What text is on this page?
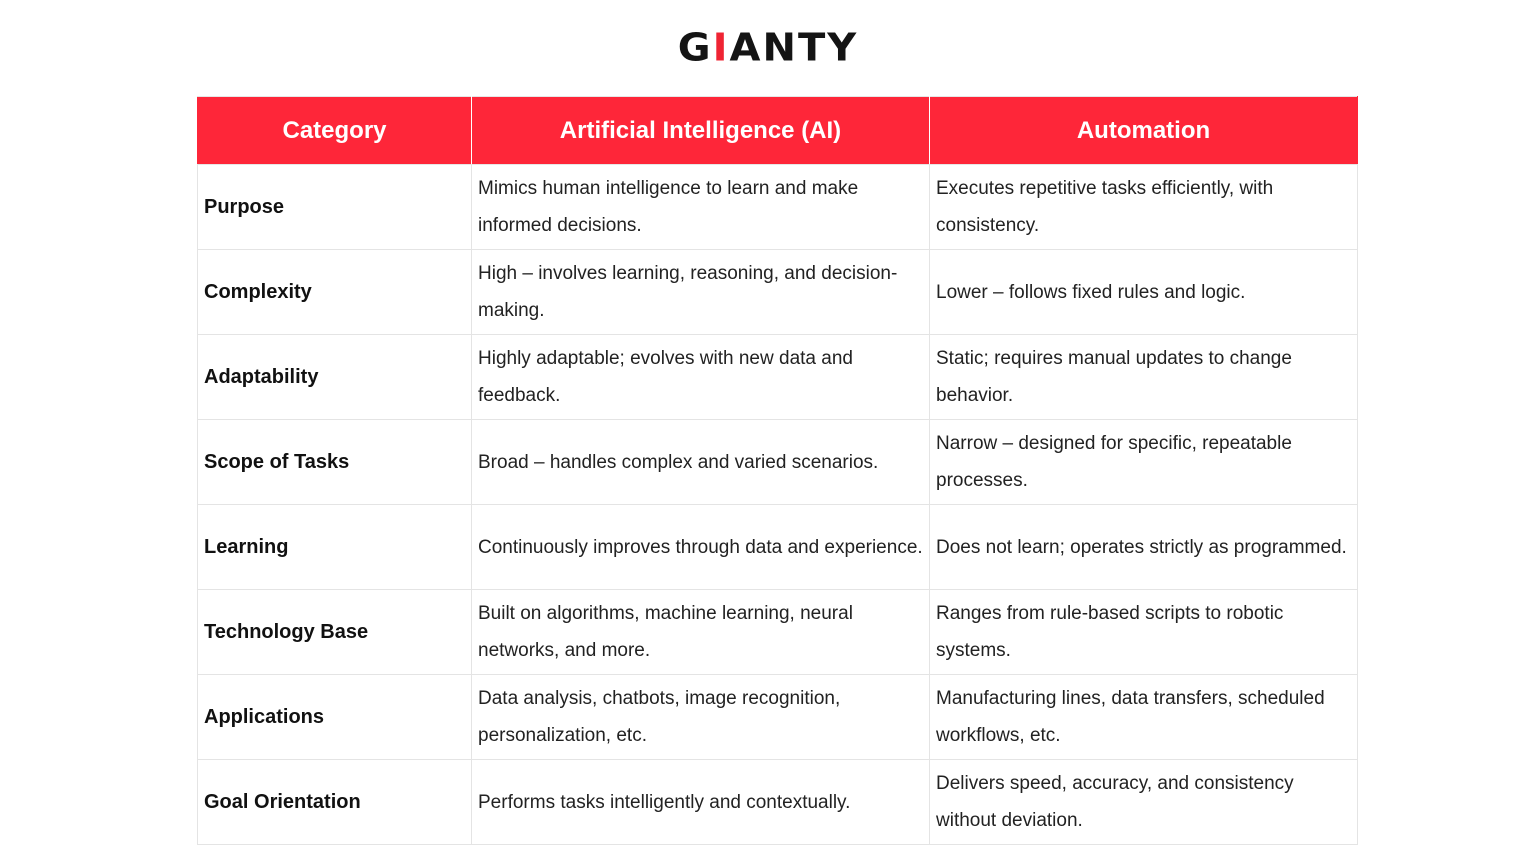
GIANTY
Category	Artificial Intelligence (AI)	Automation
Purpose	Mimics human intelligence to learn and make informed decisions.	Executes repetitive tasks efficiently, with consistency.
Complexity	High – involves learning, reasoning, and decision-making.	Lower – follows fixed rules and logic.
Adaptability	Highly adaptable; evolves with new data and feedback.	Static; requires manual updates to change behavior.
Scope of Tasks	Broad – handles complex and varied scenarios.	Narrow – designed for specific, repeatable processes.
Learning	Continuously improves through data and experience.	Does not learn; operates strictly as programmed.
Technology Base	Built on algorithms, machine learning, neural networks, and more.	Ranges from rule-based scripts to robotic systems.
Applications	Data analysis, chatbots, image recognition, personalization, etc.	Manufacturing lines, data transfers, scheduled workflows, etc.
Goal Orientation	Performs tasks intelligently and contextually.	Delivers speed, accuracy, and consistency without deviation.
